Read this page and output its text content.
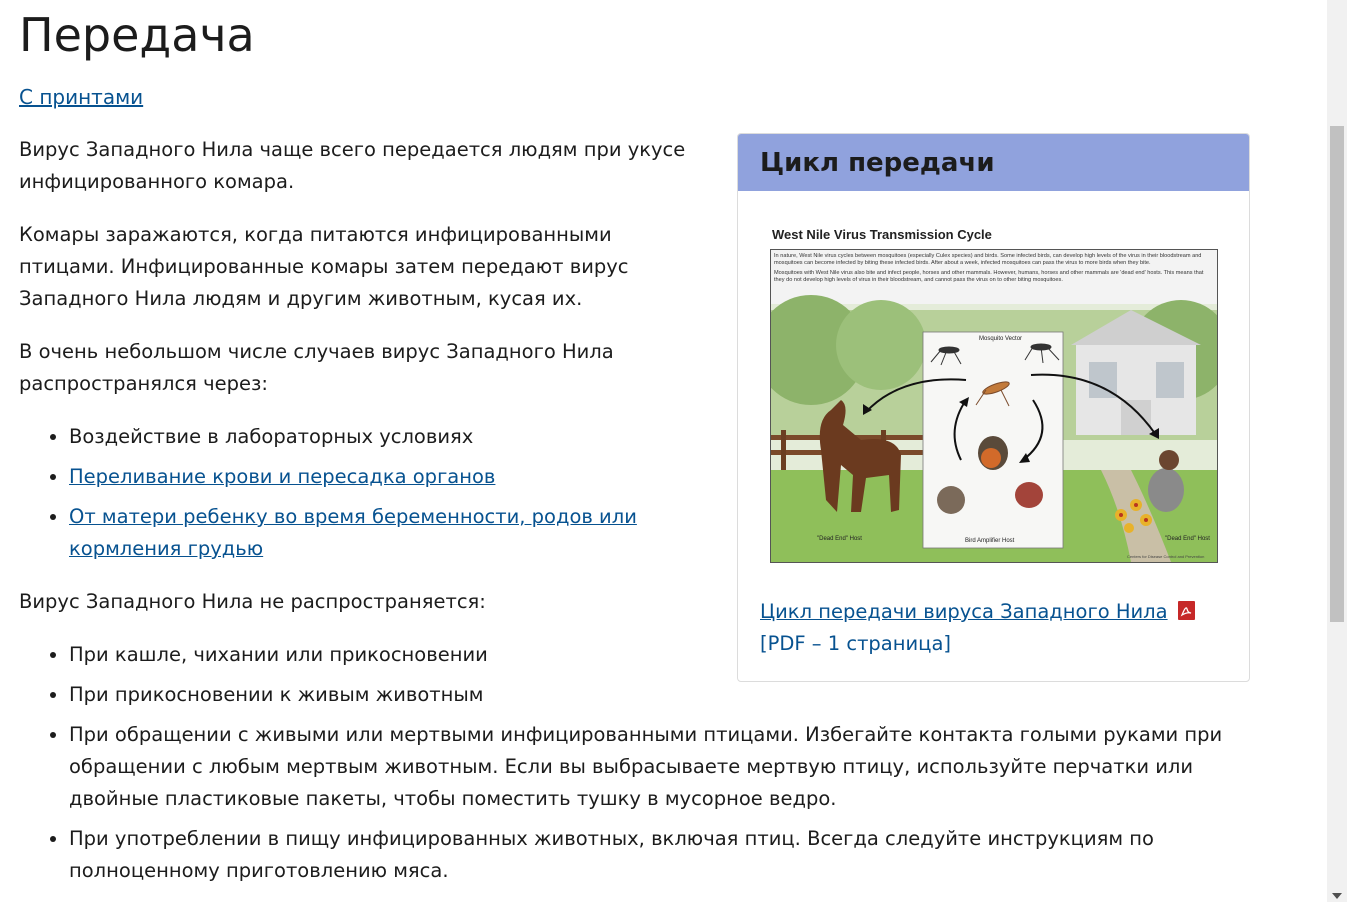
Передача
С принтами

Вирус Западного Нила чаще всего передается людям при укусе инфицированного комара.

Комары заражаются, когда питаются инфицированными птицами. Инфицированные комары затем передают вирус Западного Нила людям и другим животным, кусая их.

В очень небольшом числе случаев вирус Западного Нила распространялся через:

• Воздействие в лабораторных условиях
• Переливание крови и пересадка органов
• От матери ребенку во время беременности, родов или кормления грудью

Вирус Западного Нила не распространяется:

• При кашле, чихании или прикосновении
• При прикосновении к живым животным
• При обращении с живыми или мертвыми инфицированными птицами. Избегайте контакта голыми руками при обращении с любым мертвым животным. Если вы выбрасываете мертвую птицу, используйте перчатки или двойные пластиковые пакеты, чтобы поместить тушку в мусорное ведро.
• При употреблении в пищу инфицированных животных, включая птиц. Всегда следуйте инструкциям по полноценному приготовлению мяса.
Цикл передачи
West Nile Virus Transmission Cycle
In nature, West Nile virus cycles between mosquitoes (especially Culex species) and birds. Some infected birds, can develop high levels of the virus in their bloodstream and mosquitoes can become infected by biting these infected birds. After about a week, infected mosquitoes can pass the virus to more birds when they bite.
Mosquitoes with West Nile virus also bite and infect people, horses and other mammals. However, humans, horses and other mammals are 'dead end' hosts. This means that they do not develop high levels of virus in their bloodstream, and cannot pass the virus on to other biting mosquitoes.
Mosquito Vector
"Dead End" Host	Bird Amplifier Host	"Dead End" Host
Centers for Disease Control and Prevention
Цикл передачи вируса Западного Нила
[PDF – 1 страница]
